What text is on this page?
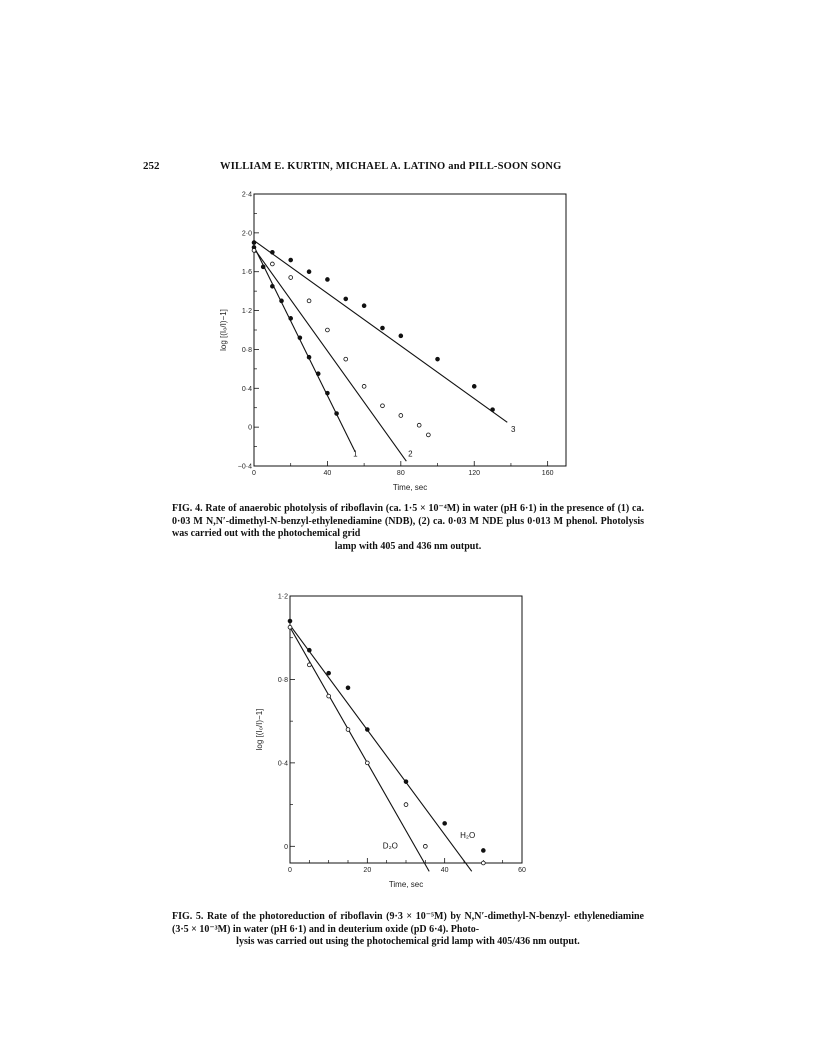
252	WILLIAM E. KURTIN, MICHAEL A. LATINO and PILL-SOON SONG
0	40	80	120	160
2·4
2·0
1·6
1·2
0·8
0·4
0
−0·4
Time, sec
log [(I₀/I)−1]
1	2
3
FIG. 4. Rate of anaerobic photolysis of riboflavin (ca. 1·5 × 10⁻⁴M) in water (pH 6·1) in the presence of (1) ca. 0·03 M N,N′-dimethyl-N-benzyl-ethylenediamine (NDB), (2) ca. 0·03 M NDE plus 0·013 M phenol. Photolysis was carried out with the photochemical grid
lamp with 405 and 436 nm output.
0	20	40	60
1·2
0·8
0·4
0
Time, sec
log [(I₀/I)−1]
H₂O
D₂O
FIG. 5. Rate of the photoreduction of riboflavin (9·3 × 10⁻⁵M) by N,N′-dimethyl-N-benzyl- ethylenediamine (3·5 × 10⁻³M) in water (pH 6·1) and in deuterium oxide (pD 6·4). Photo-
lysis was carried out using the photochemical grid lamp with 405/436 nm output.
